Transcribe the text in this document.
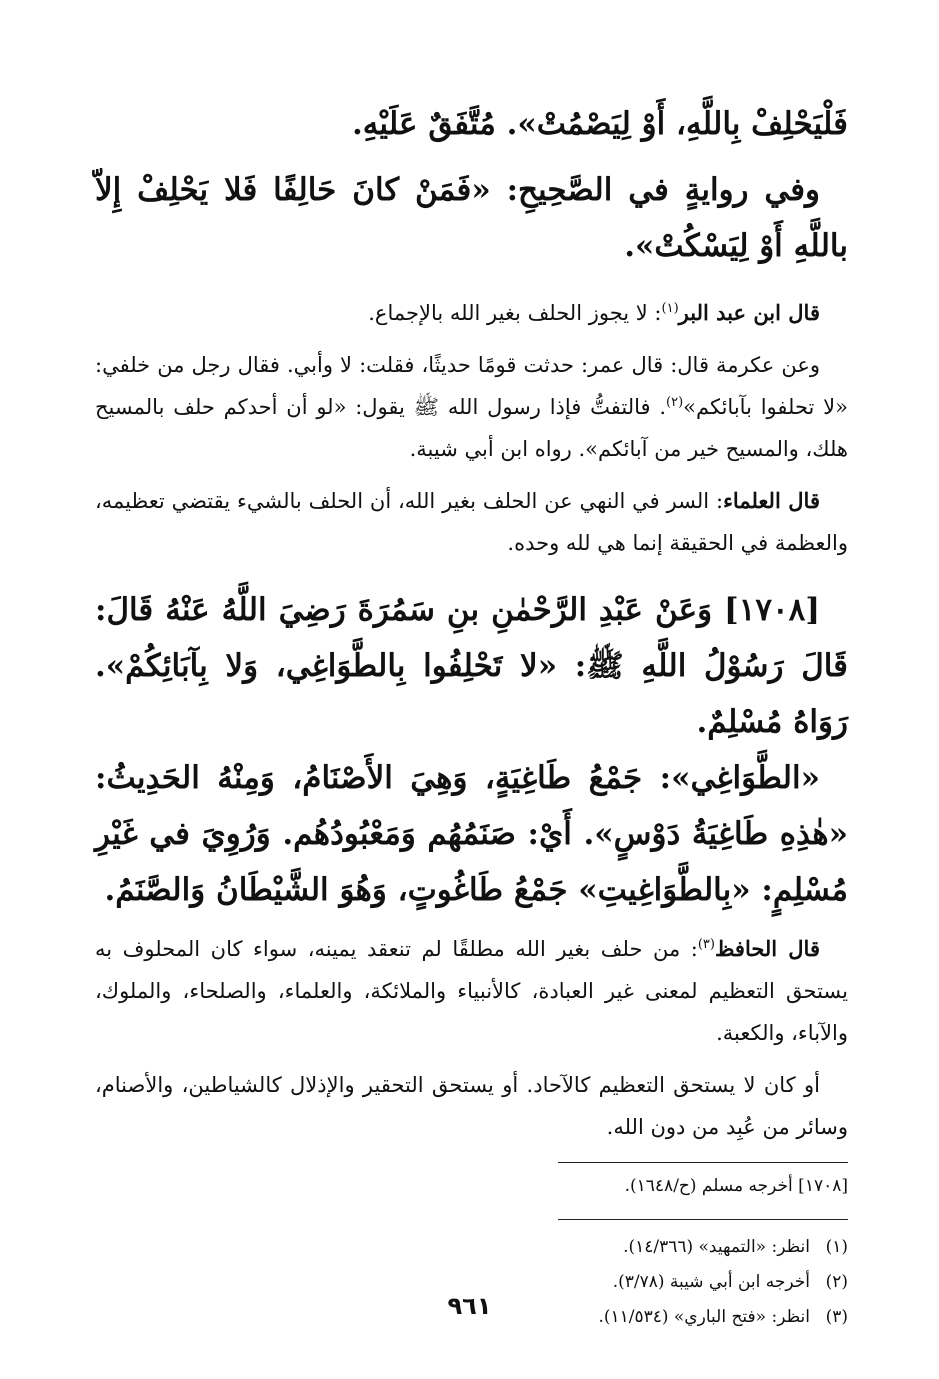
فَلْيَحْلِفْ بِاللَّهِ، أَوْ لِيَصْمُتْ». مُتَّفَقٌ عَلَيْهِ.

وفي روايةٍ في الصَّحِيحِ: «فَمَنْ كانَ حَالِفًا فَلا يَحْلِفْ إِلاّ باللَّهِ أَوْ لِيَسْكُتْ».

قال ابن عبد البر$^{(١)}$: لا يجوز الحلف بغير الله بالإجماع.

وعن عكرمة قال: قال عمر: حدثت قومًا حديثًا، فقلت: لا وأبي. فقال رجل من خلفي: «لا تحلفوا بآبائكم»$^{(٢)}$. فالتفتُّ فإذا رسول الله ﷺ يقول: «لو أن أحدكم حلف بالمسيح هلك، والمسيح خير من آبائكم». رواه ابن أبي شيبة.

قال العلماء: السر في النهي عن الحلف بغير الله، أن الحلف بالشيء يقتضي تعظيمه، والعظمة في الحقيقة إنما هي لله وحده.

[١٧٠٨] وَعَنْ عَبْدِ الرَّحْمٰنِ بنِ سَمُرَةَ رَضِيَ اللَّهُ عَنْهُ قَالَ: قَالَ رَسُوْلُ اللَّهِ ﷺ: «لا تَحْلِفُوا بِالطَّوَاغِي، وَلا بِآبَائِكُمْ». رَوَاهُ مُسْلِمٌ.

«الطَّوَاغِي»: جَمْعُ طَاغِيَةٍ، وَهِيَ الأَصْنَامُ، وَمِنْهُ الحَدِيثُ: «هٰذِهِ طَاغِيَةُ دَوْسٍ». أَيْ: صَنَمُهُم وَمَعْبُودُهُم. وَرُوِيَ في غَيْرِ مُسْلِمٍ: «بِالطَّوَاغِيتِ» جَمْعُ طَاغُوتٍ، وَهُوَ الشَّيْطَانُ وَالصَّنَمُ.

قال الحافظ$^{(٣)}$: من حلف بغير الله مطلقًا لم تنعقد يمينه، سواء كان المحلوف به يستحق التعظيم لمعنى غير العبادة، كالأنبياء والملائكة، والعلماء، والصلحاء، والملوك، والآباء، والكعبة.

أو كان لا يستحق التعظيم كالآحاد. أو يستحق التحقير والإذلال كالشياطين، والأصنام، وسائر من عُبِد من دون الله.

[١٧٠٨] أخرجه مسلم (ح/١٦٤٨).

(١)انظر: «التمهيد» (١٤/٣٦٦).
(٢)أخرجه ابن أبي شيبة (٣/٧٨).
(٣)انظر: «فتح الباري» (١١/٥٣٤).
٩٦١
